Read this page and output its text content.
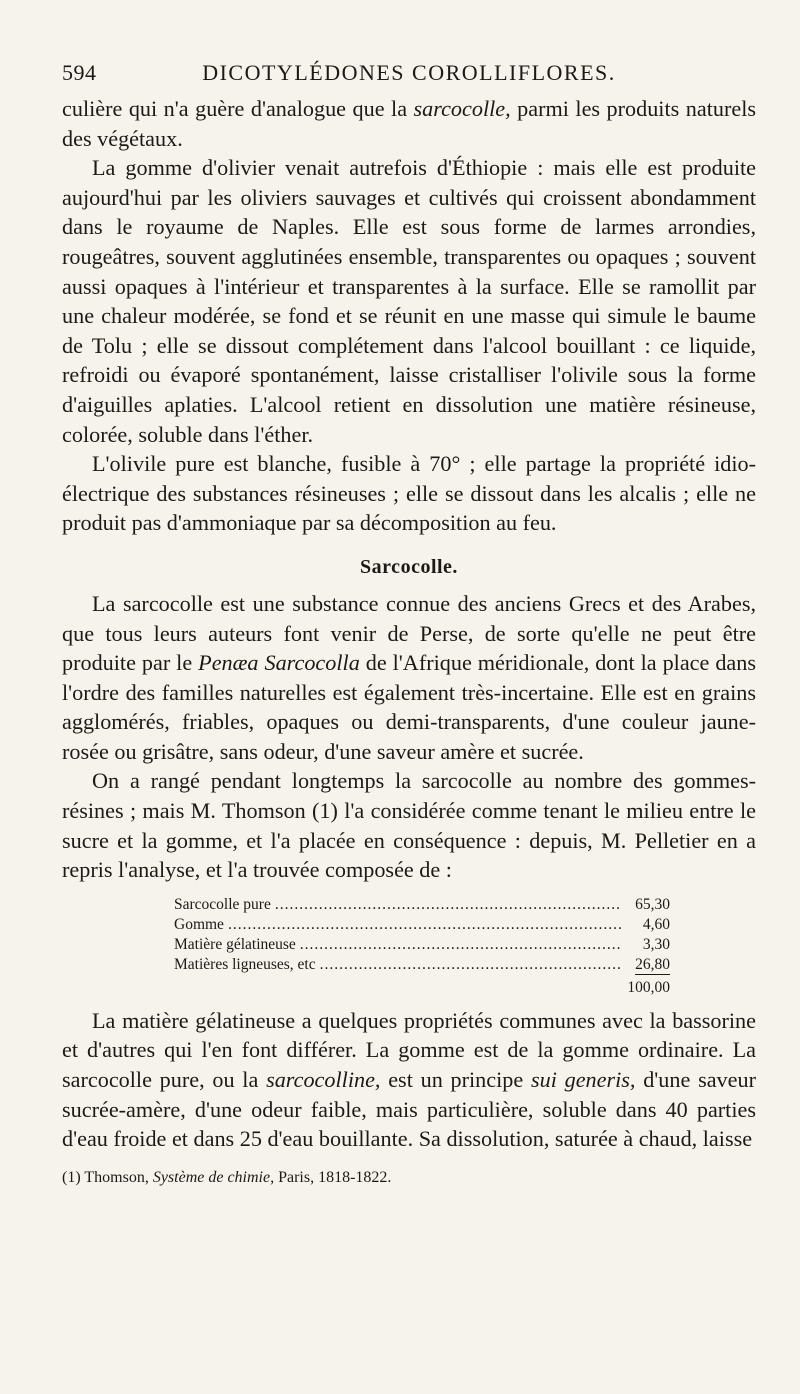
594	DICOTYLÉDONES COROLLIFLORES.

culière qui n'a guère d'analogue que la sarcocolle, parmi les produits naturels des végétaux.

La gomme d'olivier venait autrefois d'Éthiopie : mais elle est produite aujourd'hui par les oliviers sauvages et cultivés qui croissent abondamment dans le royaume de Naples. Elle est sous forme de larmes arrondies, rougeâtres, souvent agglutinées ensemble, transparentes ou opaques ; souvent aussi opaques à l'intérieur et transparentes à la surface. Elle se ramollit par une chaleur modérée, se fond et se réunit en une masse qui simule le baume de Tolu ; elle se dissout complétement dans l'alcool bouillant : ce liquide, refroidi ou évaporé spontanément, laisse cristalliser l'olivile sous la forme d'aiguilles aplaties. L'alcool retient en dissolution une matière résineuse, colorée, soluble dans l'éther.

L'olivile pure est blanche, fusible à 70° ; elle partage la propriété idio-électrique des substances résineuses ; elle se dissout dans les alcalis ; elle ne produit pas d'ammoniaque par sa décomposition au feu.

Sarcocolle.

La sarcocolle est une substance connue des anciens Grecs et des Arabes, que tous leurs auteurs font venir de Perse, de sorte qu'elle ne peut être produite par le Penæa Sarcocolla de l'Afrique méridionale, dont la place dans l'ordre des familles naturelles est également très-incertaine. Elle est en grains agglomérés, friables, opaques ou demi-transparents, d'une couleur jaune-rosée ou grisâtre, sans odeur, d'une saveur amère et sucrée.

On a rangé pendant longtemps la sarcocolle au nombre des gommes-résines ; mais M. Thomson (1) l'a considérée comme tenant le milieu entre le sucre et la gomme, et l'a placée en conséquence : depuis, M. Pelletier en a repris l'analyse, et l'a trouvée composée de :

Sarcocolle pure .....	65,30
Gomme .....	4,60
Matière gélatineuse .....	3,30
Matières ligneuses, etc .....	26,80
100,00

La matière gélatineuse a quelques propriétés communes avec la bassorine et d'autres qui l'en font différer. La gomme est de la gomme ordinaire. La sarcocolle pure, ou la sarcocolline, est un principe sui generis, d'une saveur sucrée-amère, d'une odeur faible, mais particulière, soluble dans 40 parties d'eau froide et dans 25 d'eau bouillante. Sa dissolution, saturée à chaud, laisse

(1) Thomson, Système de chimie, Paris, 1818-1822.
